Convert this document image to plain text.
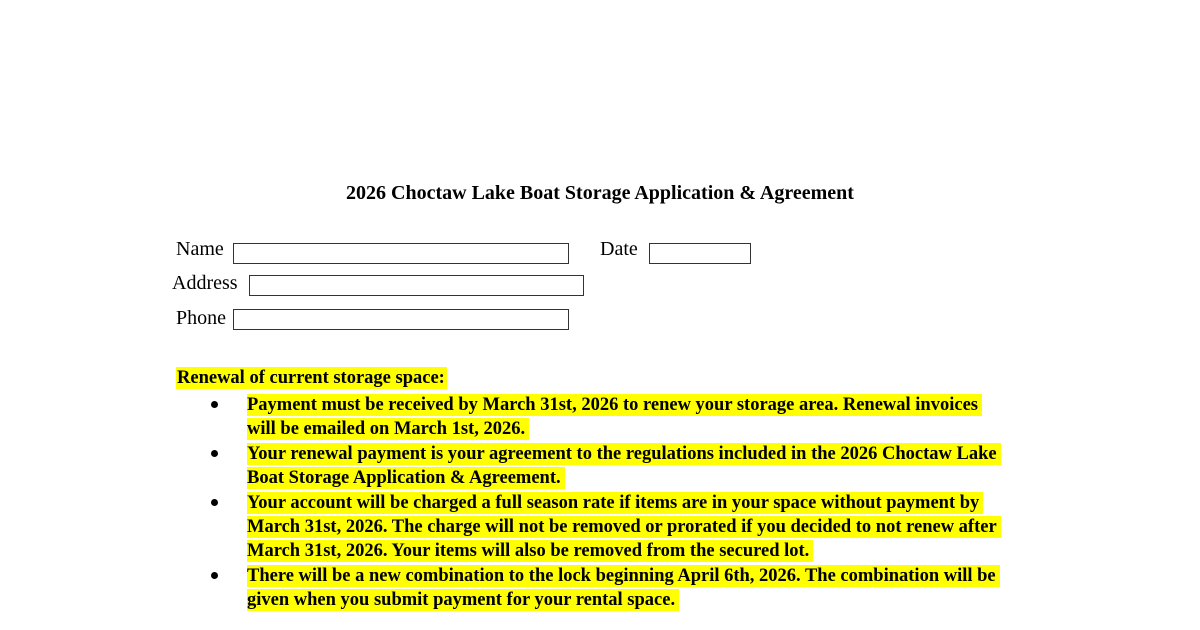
2026 Choctaw Lake Boat Storage Application & Agreement
Name	Date
Address
Phone
Renewal of current storage space:
Payment must be received by March 31st, 2026 to renew your storage area. Renewal invoices will be emailed on March 1st, 2026.
Your renewal payment is your agreement to the regulations included in the 2026 Choctaw Lake Boat Storage Application & Agreement.
Your account will be charged a full season rate if items are in your space without payment by March 31st, 2026. The charge will not be removed or prorated if you decided to not renew after March 31st, 2026. Your items will also be removed from the secured lot.
There will be a new combination to the lock beginning April 6th, 2026. The combination will be given when you submit payment for your rental space.
